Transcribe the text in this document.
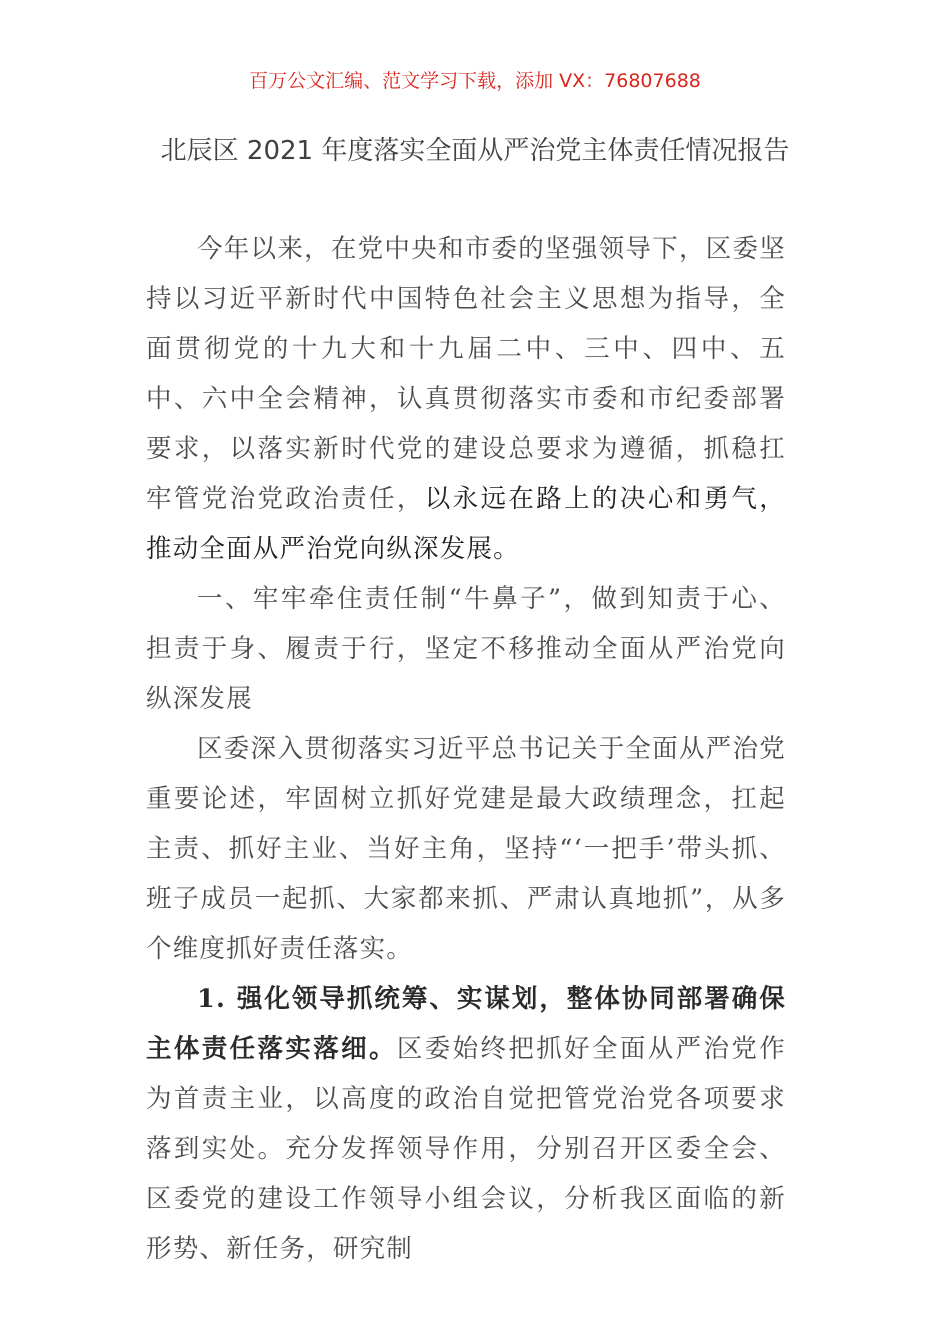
百万公文汇编、范文学习下载，添加 VX：76807688
北辰区 2021 年度落实全面从严治党主体责任情况报告

今年以来，在党中央和市委的坚强领导下，区委坚持以习近平新时代中国特色社会主义思想为指导，全面贯彻党的十九大和十九届二中、三中、四中、五中、六中全会精神，认真贯彻落实市委和市纪委部署要求，以落实新时代党的建设总要求为遵循，抓稳扛牢管党治党政治责任，以永远在路上的决心和勇气，推动全面从严治党向纵深发展。

一、牢牢牵住责任制“牛鼻子”，做到知责于心、担责于身、履责于行，坚定不移推动全面从严治党向纵深发展

区委深入贯彻落实习近平总书记关于全面从严治党重要论述，牢固树立抓好党建是最大政绩理念，扛起主责、抓好主业、当好主角，坚持“‘一把手’带头抓、班子成员一起抓、大家都来抓、严肃认真地抓”，从多个维度抓好责任落实。

1. 强化领导抓统筹、实谋划，整体协同部署确保主体责任落实落细。区委始终把抓好全面从严治党作为首责主业，以高度的政治自觉把管党治党各项要求落到实处。充分发挥领导作用，分别召开区委全会、区委党的建设工作领导小组会议，分析我区面临的新形势、新任务，研究制
